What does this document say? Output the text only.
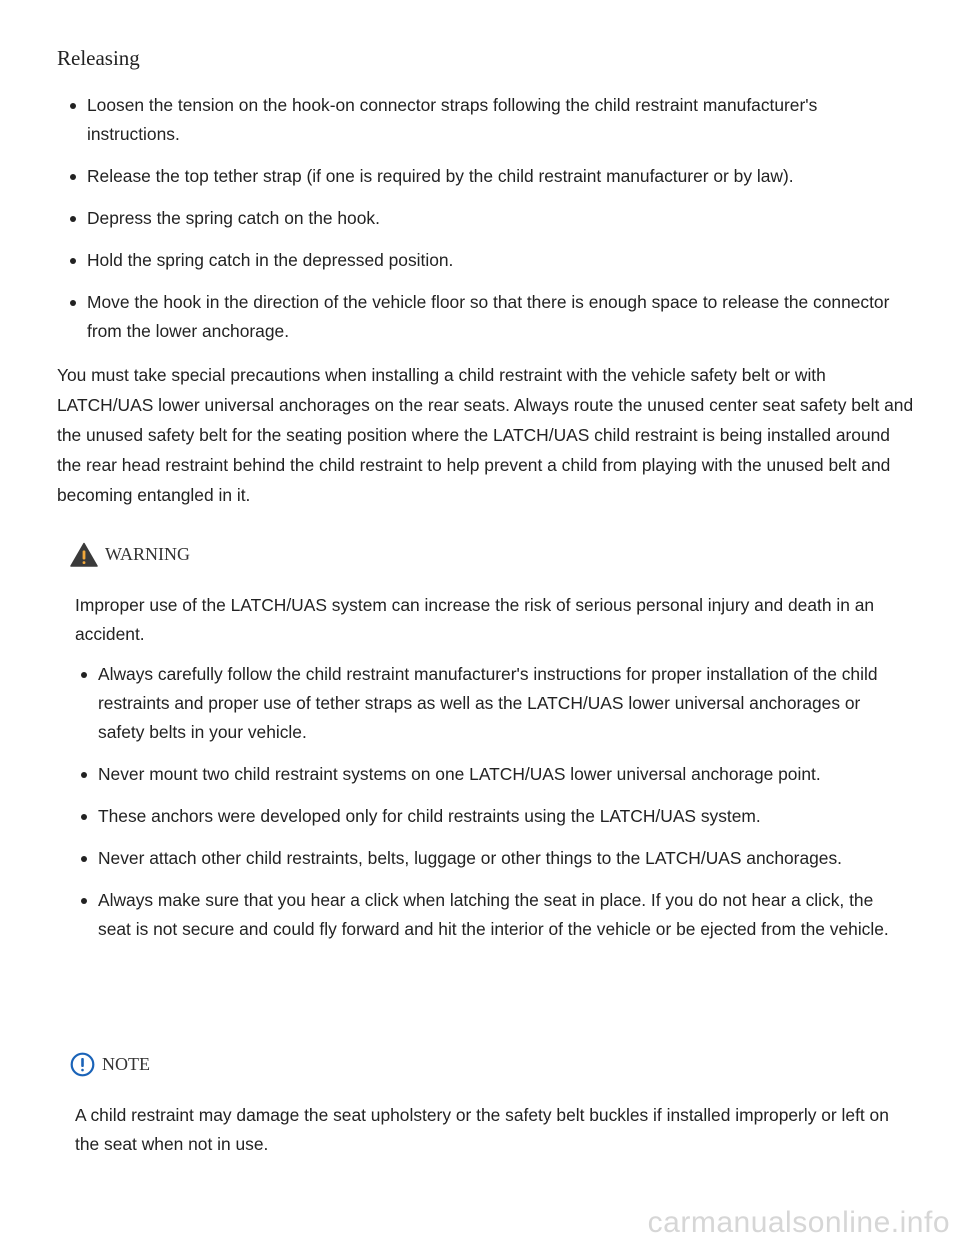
Releasing
Loosen the tension on the hook-on connector straps following the child restraint manufacturer's instructions.
Release the top tether strap (if one is required by the child restraint manufacturer or by law).
Depress the spring catch on the hook.
Hold the spring catch in the depressed position.
Move the hook in the direction of the vehicle floor so that there is enough space to release the connector from the lower anchorage.

You must take special precautions when installing a child restraint with the vehicle safety belt or with LATCH/UAS lower universal anchorages on the rear seats. Always route the unused center seat safety belt and the unused safety belt for the seating position where the LATCH/UAS child restraint is being installed around the rear head restraint behind the child restraint to help prevent a child from playing with the unused belt and becoming entangled in it.

WARNING

Improper use of the LATCH/UAS system can increase the risk of serious personal injury and death in an accident.

Always carefully follow the child restraint manufacturer's instructions for proper installation of the child restraints and proper use of tether straps as well as the LATCH/UAS lower universal anchorages or safety belts in your vehicle.
Never mount two child restraint systems on one LATCH/UAS lower universal anchorage point.
These anchors were developed only for child restraints using the LATCH/UAS system.
Never attach other child restraints, belts, luggage or other things to the LATCH/UAS anchorages.
Always make sure that you hear a click when latching the seat in place. If you do not hear a click, the seat is not secure and could fly forward and hit the interior of the vehicle or be ejected from the vehicle.
NOTE

A child restraint may damage the seat upholstery or the safety belt buckles if installed improperly or left on the seat when not in use.

carmanualsonline.info
